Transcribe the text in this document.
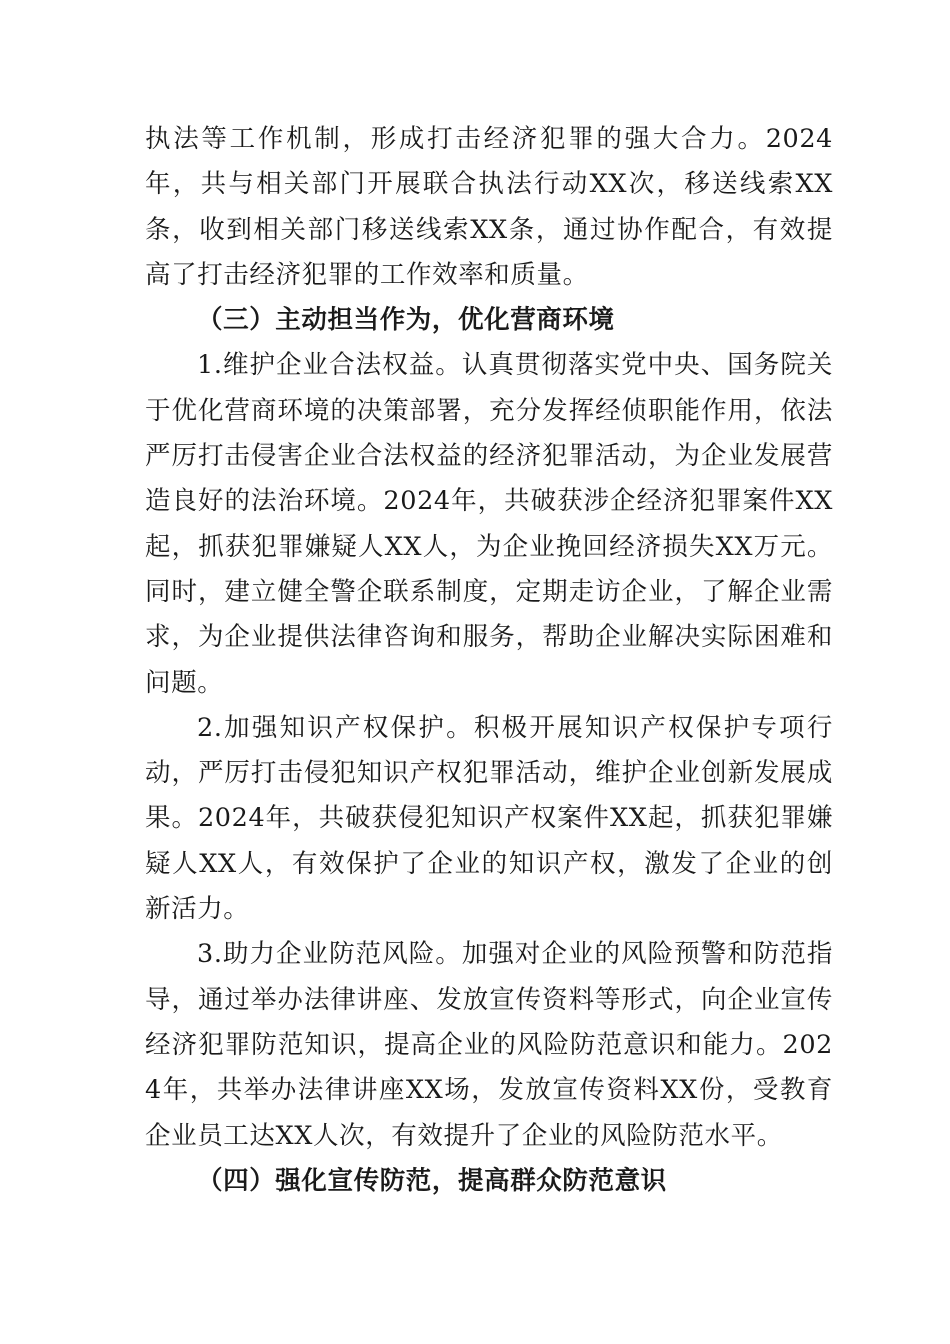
执法等工作机制，形成打击经济犯罪的强大合力。2024年，共与相关部门开展联合执法行动XX次，移送线索XX条，收到相关部门移送线索XX条，通过协作配合，有效提高了打击经济犯罪的工作效率和质量。

（三）主动担当作为，优化营商环境

1.维护企业合法权益。认真贯彻落实党中央、国务院关于优化营商环境的决策部署，充分发挥经侦职能作用，依法严厉打击侵害企业合法权益的经济犯罪活动，为企业发展营造良好的法治环境。2024年，共破获涉企经济犯罪案件XX起，抓获犯罪嫌疑人XX人，为企业挽回经济损失XX万元。同时，建立健全警企联系制度，定期走访企业，了解企业需求，为企业提供法律咨询和服务，帮助企业解决实际困难和问题。

2.加强知识产权保护。积极开展知识产权保护专项行动，严厉打击侵犯知识产权犯罪活动，维护企业创新发展成果。2024年，共破获侵犯知识产权案件XX起，抓获犯罪嫌疑人XX人，有效保护了企业的知识产权，激发了企业的创新活力。

3.助力企业防范风险。加强对企业的风险预警和防范指导，通过举办法律讲座、发放宣传资料等形式，向企业宣传经济犯罪防范知识，提高企业的风险防范意识和能力。2024年，共举办法律讲座XX场，发放宣传资料XX份，受教育企业员工达XX人次，有效提升了企业的风险防范水平。

（四）强化宣传防范，提高群众防范意识
